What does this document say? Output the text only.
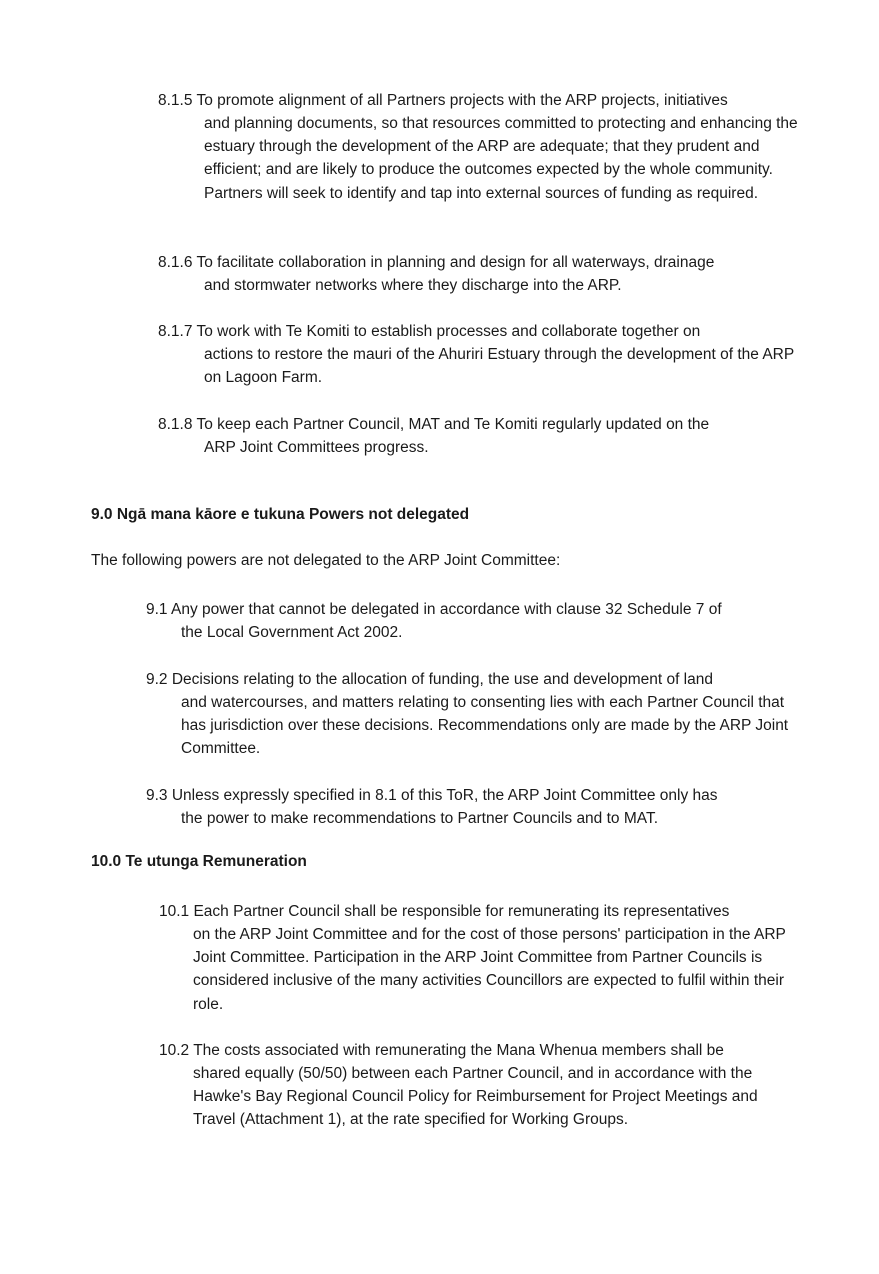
8.1.5 To promote alignment of all Partners projects with the ARP projects, initiatives
and planning documents, so that resources committed to protecting and enhancing the estuary through the development of the ARP are adequate; that they prudent and efficient; and are likely to produce the outcomes expected by the whole community. Partners will seek to identify and tap into external sources of funding as required.
8.1.6 To facilitate collaboration in planning and design for all waterways, drainage
and stormwater networks where they discharge into the ARP.
8.1.7 To work with Te Komiti to establish processes and collaborate together on
actions to restore the mauri of the Ahuriri Estuary through the development of the ARP on Lagoon Farm.
8.1.8 To keep each Partner Council, MAT and Te Komiti regularly updated on the
ARP Joint Committees progress.
9.0 Ngā mana kāore e tukuna Powers not delegated
The following powers are not delegated to the ARP Joint Committee:
9.1 Any power that cannot be delegated in accordance with clause 32 Schedule 7 of
the Local Government Act 2002.
9.2 Decisions relating to the allocation of funding, the use and development of land
and watercourses, and matters relating to consenting lies with each Partner Council that has jurisdiction over these decisions. Recommendations only are made by the ARP Joint Committee.
9.3 Unless expressly specified in 8.1 of this ToR, the ARP Joint Committee only has
the power to make recommendations to Partner Councils and to MAT.
10.0 Te utunga Remuneration
10.1 Each Partner Council shall be responsible for remunerating its representatives
on the ARP Joint Committee and for the cost of those persons' participation in the ARP Joint Committee. Participation in the ARP Joint Committee from Partner Councils is considered inclusive of the many activities Councillors are expected to fulfil within their role.
10.2 The costs associated with remunerating the Mana Whenua members shall be
shared equally (50/50) between each Partner Council, and in accordance with the Hawke's Bay Regional Council Policy for Reimbursement for Project Meetings and Travel (Attachment 1), at the rate specified for Working Groups.
